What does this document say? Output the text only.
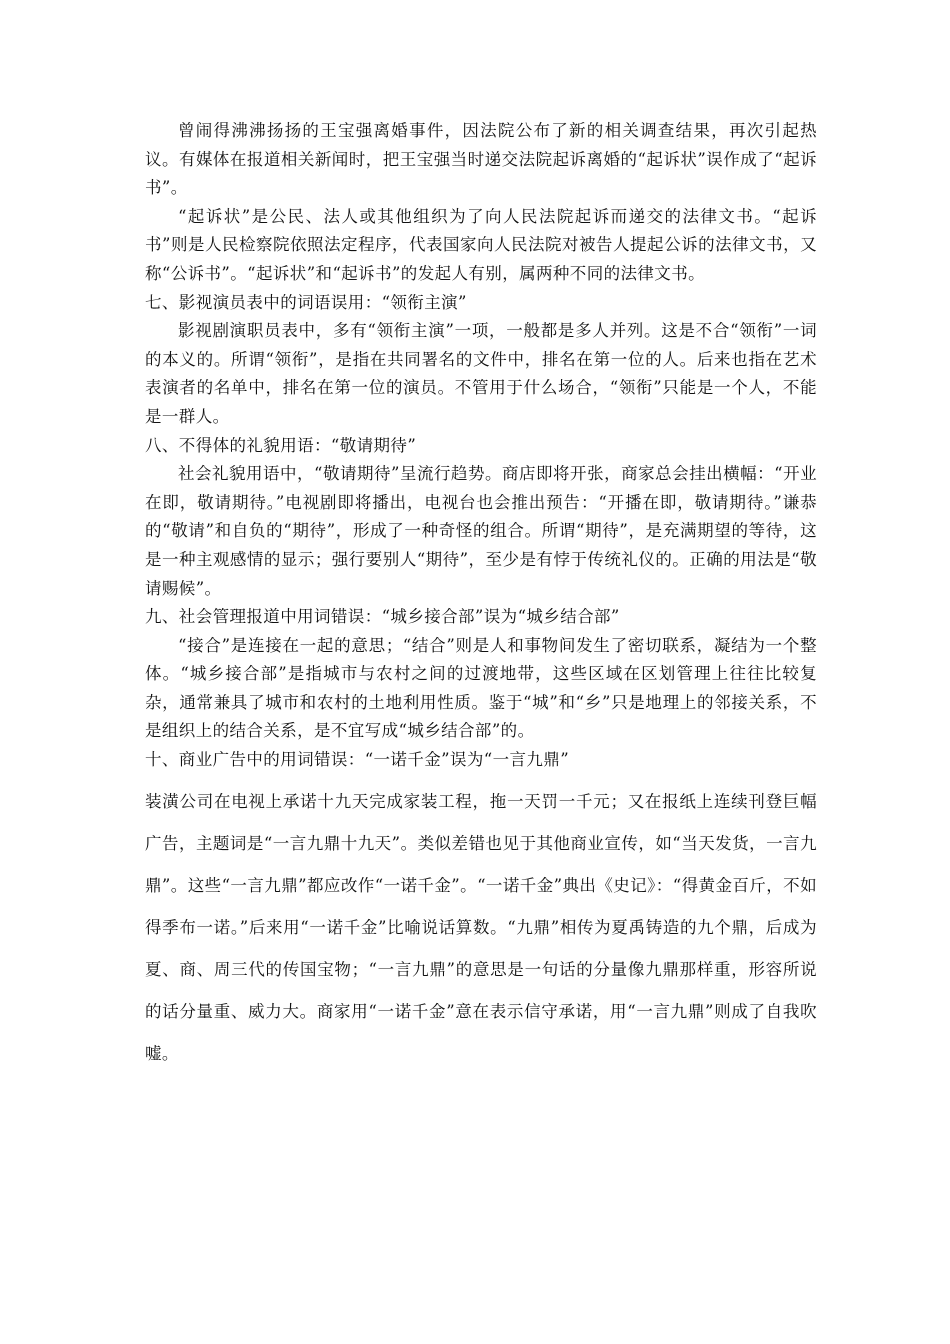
曾闹得沸沸扬扬的王宝强离婚事件，因法院公布了新的相关调查结果，再次引起热议。有媒体在报道相关新闻时，把王宝强当时递交法院起诉离婚的“起诉状”误作成了“起诉书”。

“起诉状”是公民、法人或其他组织为了向人民法院起诉而递交的法律文书。“起诉书”则是人民检察院依照法定程序，代表国家向人民法院对被告人提起公诉的法律文书，又称“公诉书”。“起诉状”和“起诉书”的发起人有别，属两种不同的法律文书。

七、影视演员表中的词语误用：“领衔主演”

影视剧演职员表中，多有“领衔主演”一项，一般都是多人并列。这是不合“领衔”一词的本义的。所谓“领衔”，是指在共同署名的文件中，排名在第一位的人。后来也指在艺术表演者的名单中，排名在第一位的演员。不管用于什么场合，“领衔”只能是一个人，不能是一群人。

八、不得体的礼貌用语：“敬请期待”

社会礼貌用语中，“敬请期待”呈流行趋势。商店即将开张，商家总会挂出横幅：“开业在即，敬请期待。”电视剧即将播出，电视台也会推出预告：“开播在即，敬请期待。”谦恭的“敬请”和自负的“期待”，形成了一种奇怪的组合。所谓“期待”，是充满期望的等待，这是一种主观感情的显示；强行要别人“期待”，至少是有悖于传统礼仪的。正确的用法是“敬请赐候”。

九、社会管理报道中用词错误：“城乡接合部”误为“城乡结合部”

“接合”是连接在一起的意思；“结合”则是人和事物间发生了密切联系，凝结为一个整体。“城乡接合部”是指城市与农村之间的过渡地带，这些区域在区划管理上往往比较复杂，通常兼具了城市和农村的土地利用性质。鉴于“城”和“乡”只是地理上的邻接关系，不是组织上的结合关系，是不宜写成“城乡结合部”的。

十、商业广告中的用词错误：“一诺千金”误为“一言九鼎”

装潢公司在电视上承诺十九天完成家装工程，拖一天罚一千元；又在报纸上连续刊登巨幅广告，主题词是“一言九鼎十九天”。类似差错也见于其他商业宣传，如“当天发货，一言九鼎”。这些“一言九鼎”都应改作“一诺千金”。“一诺千金”典出《史记》：“得黄金百斤，不如得季布一诺。”后来用“一诺千金”比喻说话算数。“九鼎”相传为夏禹铸造的九个鼎，后成为夏、商、周三代的传国宝物；“一言九鼎”的意思是一句话的分量像九鼎那样重，形容所说的话分量重、威力大。商家用“一诺千金”意在表示信守承诺，用“一言九鼎”则成了自我吹嘘。
